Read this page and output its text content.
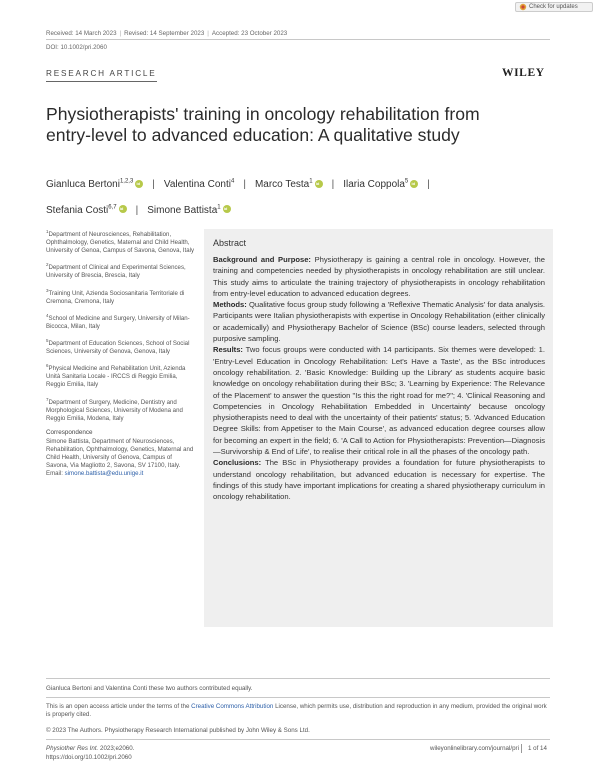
Check for updates
Received: 14 March 2023 | Revised: 14 September 2023 | Accepted: 23 October 2023
DOI: 10.1002/pri.2060
RESEARCH ARTICLE	WILEY
Physiotherapists' training in oncology rehabilitation from
entry-level to advanced education: A qualitative study
Gianluca Bertoni$^{1,2,3}$ id | Valentina Conti$^4$ | Marco Testa$^1$ id | Ilaria Coppola$^5$ id |
Stefania Costi$^{6,7}$ id | Simone Battista$^1$id
$^1$Department of Neurosciences, Rehabilitation, Ophthalmology, Genetics, Maternal and Child Health, University of Genoa, Campus of Savona, Genova, Italy
$^2$Department of Clinical and Experimental Sciences, University of Brescia, Brescia, Italy
$^3$Training Unit, Azienda Sociosanitaria Territoriale di Cremona, Cremona, Italy
$^4$School of Medicine and Surgery, University of Milan-Bicocca, Milan, Italy
$^5$Department of Education Sciences, School of Social Sciences, University of Genova, Genova, Italy
$^6$Physical Medicine and Rehabilitation Unit, Azienda Unità Sanitaria Locale - IRCCS di Reggio Emilia, Reggio Emilia, Italy
$^7$Department of Surgery, Medicine, Dentistry and Morphological Sciences, University of Modena and Reggio Emilia, Modena, Italy
Correspondence
Simone Battista, Department of Neurosciences, Rehabilitation, Ophthalmology, Genetics, Maternal and Child Health, University of Genova, Campus of Savona, Via Magliotto 2, Savona, SV 17100, Italy.
Email: simone.battista@edu.unige.it
Abstract

Background and Purpose: Physiotherapy is gaining a central role in oncology. However, the training and competencies needed by physiotherapists in oncology rehabilitation are still unclear. This study aims to articulate the training trajectory of physiotherapists in oncology rehabilitation from entry-level education to advanced education degrees.

Methods: Qualitative focus group study following a 'Reflexive Thematic Analysis' for data analysis. Participants were Italian physiotherapists with expertise in Oncology Rehabilitation (either clinically or academically) and Physiotherapy Bachelor of Science (BSc) course leaders, selected through purposive sampling.

Results: Two focus groups were conducted with 14 participants. Six themes were developed: 1. 'Entry-Level Education in Oncology Rehabilitation: Let's Have a Taste', as the BSc introduces oncology rehabilitation. 2. 'Basic Knowledge: Building up the Library' as students acquire basic knowledge on oncology rehabilitation during their BSc; 3. 'Learning by Experience: The Relevance of the Placement' to answer the question "Is this the right road for me?"; 4. 'Clinical Reasoning and Competencies in Oncology Rehabilitation Embedded in Uncertainty' because oncology physiotherapists need to deal with the uncertainty of their patients' status; 5. 'Advanced Education Degree Skills: from Appetiser to the Main Course', as advanced education degree courses allow for becoming an expert in the field; 6. 'A Call to Action for Physiotherapists: Prevention—Diagnosis—Survivorship & End of Life', to realise their critical role in all the phases of the oncology path.

Conclusions: The BSc in Physiotherapy provides a foundation for future physiotherapists to understand oncology rehabilitation, but advanced education is necessary for expertise. The findings of this study have important implications for creating a shared physiotherapy curriculum in oncology rehabilitation.

Gianluca Bertoni and Valentina Conti these two authors contributed equally.
This is an open access article under the terms of the Creative Commons Attribution License, which permits use, distribution and reproduction in any medium, provided the original work is properly cited.
© 2023 The Authors. Physiotherapy Research International published by John Wiley & Sons Ltd.
Physiother Res Int. 2023;e2060.
https://doi.org/10.1002/pri.2060
wileyonlinelibrary.com/journal/pri 1 of 14
